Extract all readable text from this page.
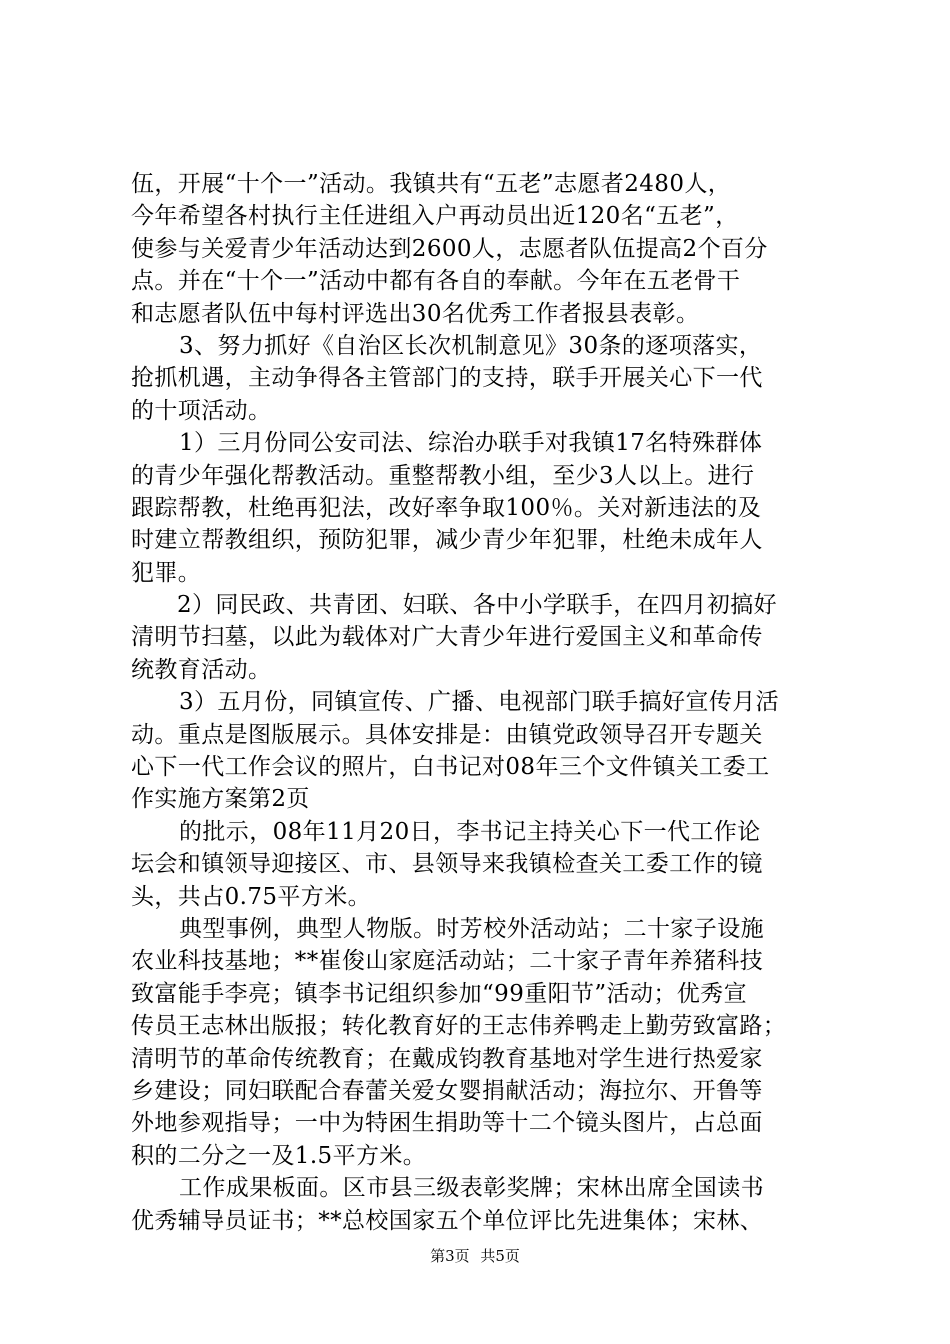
伍，开展“十个一”活动。我镇共有“五老”志愿者2480人，
今年希望各村执行主任进组入户再动员出近120名“五老”，
使参与关爱青少年活动达到2600人，志愿者队伍提高2个百分
点。并在“十个一”活动中都有各自的奉献。今年在五老骨干
和志愿者队伍中每村评选出30名优秀工作者报县表彰。
3、努力抓好《自治区长次机制意见》30条的逐项落实，
抢抓机遇，主动争得各主管部门的支持，联手开展关心下一代
的十项活动。
1）三月份同公安司法、综治办联手对我镇17名特殊群体
的青少年强化帮教活动。重整帮教小组，至少3人以上。进行
跟踪帮教，杜绝再犯法，改好率争取100％。关对新违法的及
时建立帮教组织，预防犯罪，减少青少年犯罪，杜绝未成年人
犯罪。
2）同民政、共青团、妇联、各中小学联手，在四月初搞好
清明节扫墓，以此为载体对广大青少年进行爱国主义和革命传
统教育活动。
3）五月份，同镇宣传、广播、电视部门联手搞好宣传月活
动。重点是图版展示。具体安排是：由镇党政领导召开专题关
心下一代工作会议的照片，白书记对08年三个文件镇关工委工
作实施方案第2页
的批示，08年11月20日，李书记主持关心下一代工作论
坛会和镇领导迎接区、市、县领导来我镇检查关工委工作的镜
头，共占0.75平方米。
典型事例，典型人物版。时芳校外活动站；二十家子设施
农业科技基地；**崔俊山家庭活动站；二十家子青年养猪科技
致富能手李亮；镇李书记组织参加“99重阳节”活动；优秀宣
传员王志林出版报；转化教育好的王志伟养鸭走上勤劳致富路；
清明节的革命传统教育；在戴成钧教育基地对学生进行热爱家
乡建设；同妇联配合春蕾关爱女婴捐献活动；海拉尔、开鲁等
外地参观指导；一中为特困生捐助等十二个镜头图片，占总面
积的二分之一及1.5平方米。
工作成果板面。区市县三级表彰奖牌；宋林出席全国读书
优秀辅导员证书；**总校国家五个单位评比先进集体；宋林、
第3页 共5页
